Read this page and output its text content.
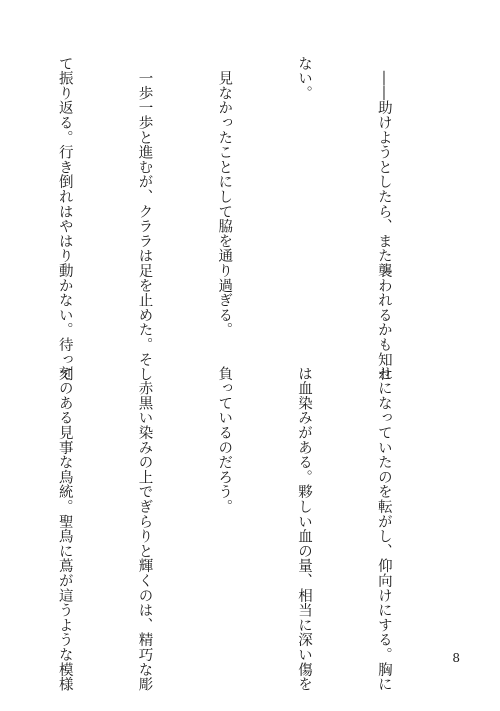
　――助けようとしたら、また襲われるかも知れ

ない。

　見なかったことにして脇を通り過ぎる。

　一歩一歩と進むが、クララは足を止めた。そし

て振り返る。行き倒れはやはり動かない。待って

せになっていたのを転がし、仰向けにする。胸に

は血染みがある。夥しい血の量、相当に深い傷を

負っているのだろう。

　赤黒い染みの上でぎらりと輝くのは、精巧な彫

刻のある見事な鳥統。聖鳥に蔦が這うような模様

	8
